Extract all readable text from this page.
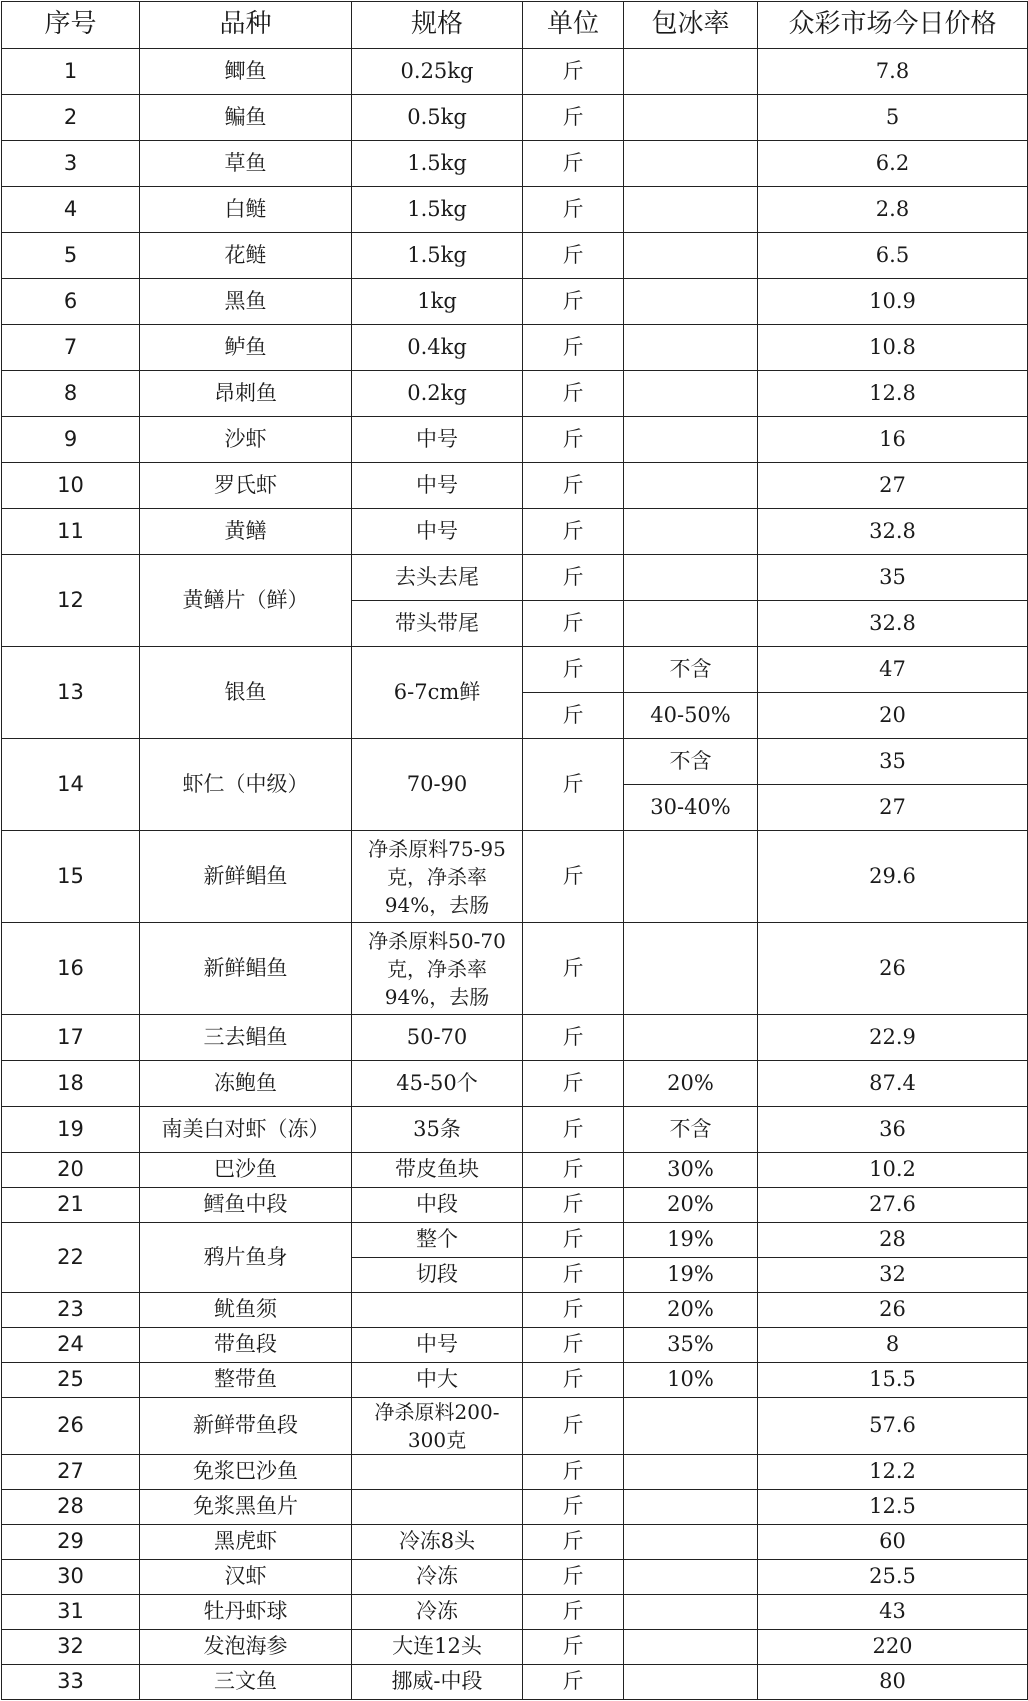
序号	品种	规格	单位	包冰率	众彩市场今日价格
1	鲫鱼	0.25kg	斤		7.8
2	鳊鱼	0.5kg	斤		5
3	草鱼	1.5kg	斤		6.2
4	白鲢	1.5kg	斤		2.8
5	花鲢	1.5kg	斤		6.5
6	黑鱼	1kg	斤		10.9
7	鲈鱼	0.4kg	斤		10.8
8	昂刺鱼	0.2kg	斤		12.8
9	沙虾	中号	斤		16
10	罗氏虾	中号	斤		27
11	黄鳝	中号	斤		32.8
12	黄鳝片（鲜）	去头去尾	斤		35
		带头带尾	斤		32.8
13	银鱼	6-7cm鲜	斤	不含	47
			斤	40-50%	20
14	虾仁（中级）	70-90	斤	不含	35
				30-40%	27
15	新鲜鲳鱼	净杀原料75-95
克，净杀率
94%，去肠	斤		29.6
16	新鲜鲳鱼	净杀原料50-70
克，净杀率
94%，去肠	斤		26
17	三去鲳鱼	50-70	斤		22.9
18	冻鲍鱼	45-50个	斤	20%	87.4
19	南美白对虾（冻）	35条	斤	不含	36
20	巴沙鱼	带皮鱼块	斤	30%	10.2
21	鳕鱼中段	中段	斤	20%	27.6
22	鸦片鱼身	整个	斤	19%	28
		切段	斤	19%	32
23	鱿鱼须		斤	20%	26
24	带鱼段	中号	斤	35%	8
25	整带鱼	中大	斤	10%	15.5
26	新鲜带鱼段	净杀原料200-
300克	斤		57.6
27	免浆巴沙鱼		斤		12.2
28	免浆黑鱼片		斤		12.5
29	黑虎虾	冷冻8头	斤		60
30	汉虾	冷冻	斤		25.5
31	牡丹虾球	冷冻	斤		43
32	发泡海参	大连12头	斤		220
33	三文鱼	挪威-中段	斤		80
